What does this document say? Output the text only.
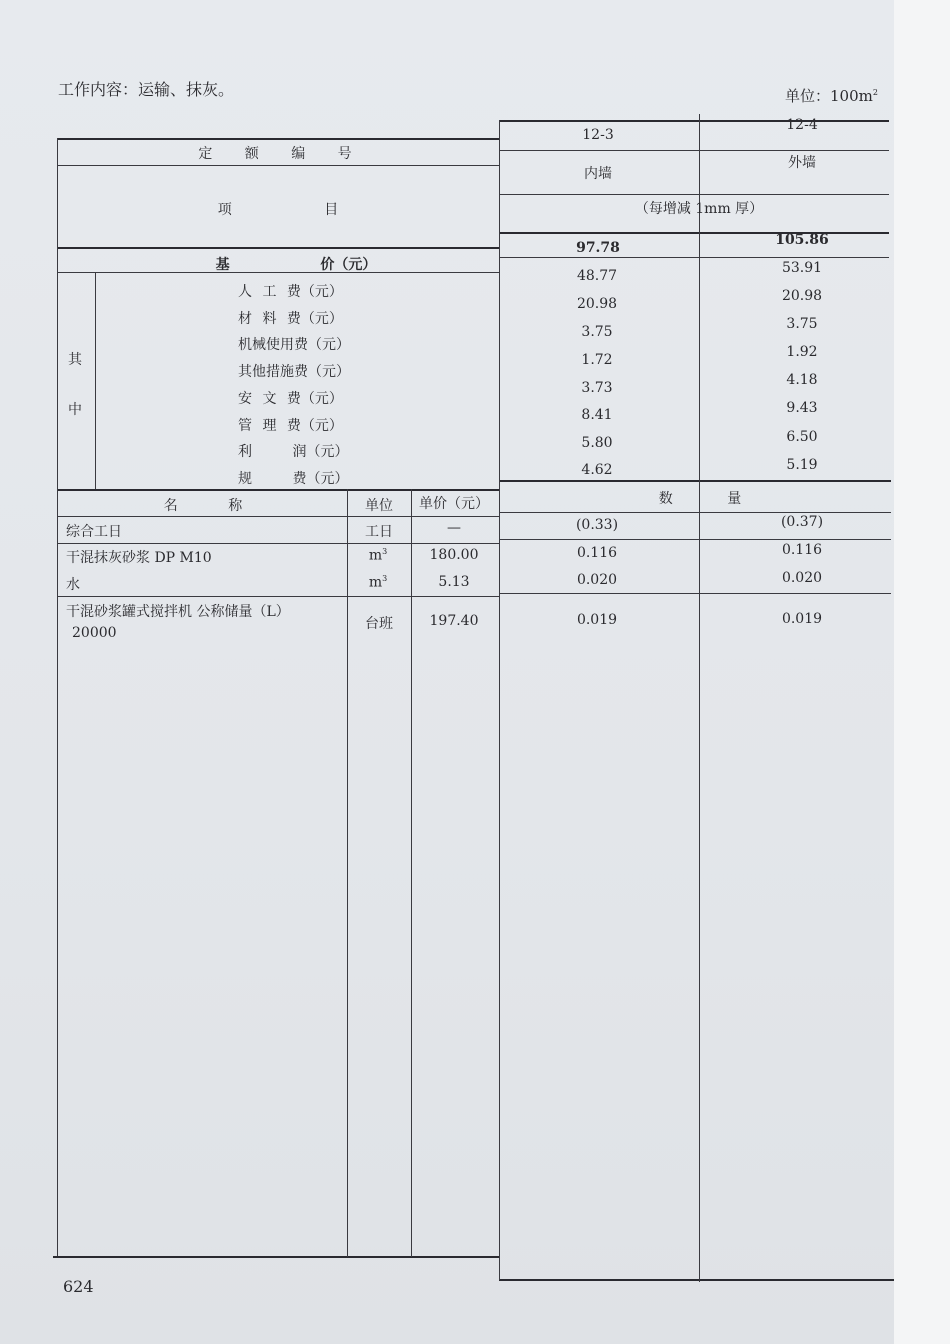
工作内容：运输、抹灰。	单位：$100m^2$
定 额 编 号
12-3
12-4
内墙
外墙
项 目	（每增减 1mm 厚）
基 价（元）
97.78	105.86
其
中
人 工 费（元）
48.77	53.91
材 料 费（元）
20.98	20.98
机械使用费（元）
3.75	3.75
其他措施费（元）
1.72	1.92
安 文 费（元）
3.73	4.18
管 理 费（元）
8.41	9.43
利 润（元）
5.80	6.50
规 费（元）
4.62	5.19
名 称	单位 单价（元）	数 量
综合工日	工日	—	(0.33)	(0.37)
干混抹灰砂浆 DP M10	$m^3$	180.00	0.116	0.116
水	$m^3$	5.13	0.020	0.020
干混砂浆罐式搅拌机 公称储量（L）
20000
台班	197.40	0.019	0.019
624
